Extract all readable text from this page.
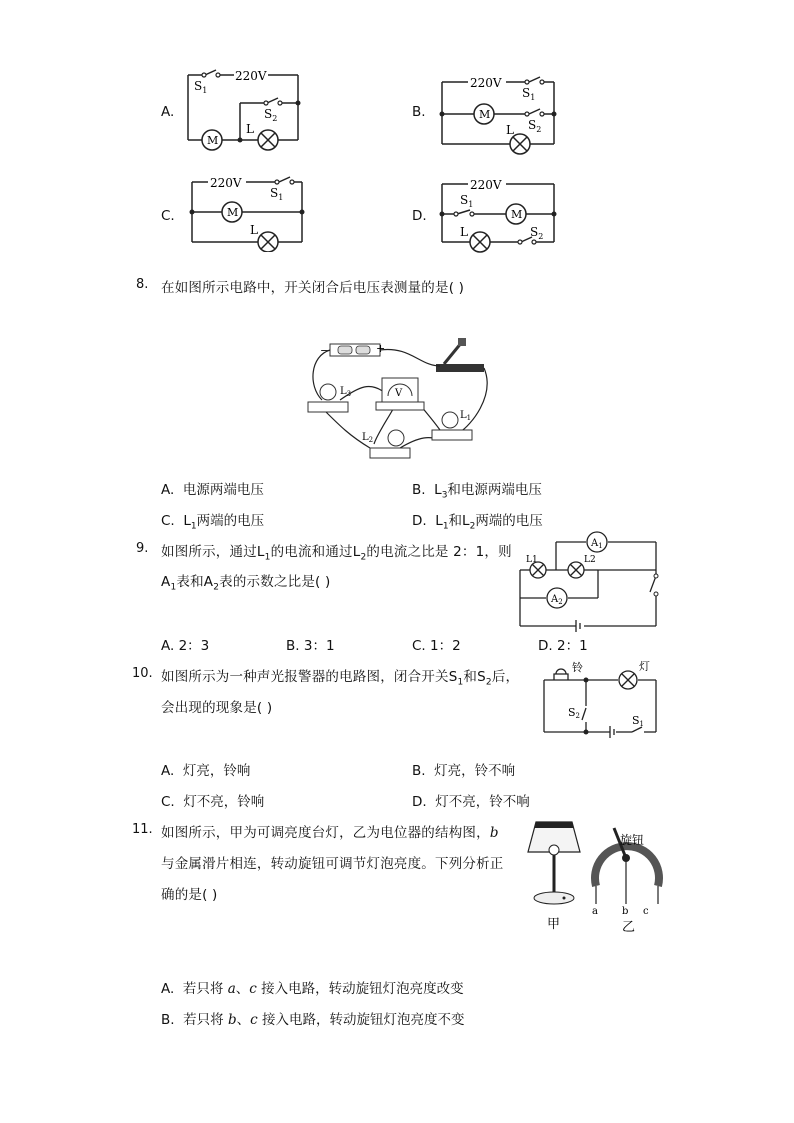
A.
220V
$S_1$
$S_2$
L
M
B.
220V
$S_1$
$S_2$
L
M
C.
220V
$S_1$
L
M	D.
220V
$S_1$
$S_2$
L
M
8. 在如图所示电路中，开关闭合后电压表测量的是( )
−	+
$L_3$	V
$L_1$
$L_2$
A. 电源两端电压	B. $L_3$和电源两端电压
C. $L_1$两端的电压	D. $L_1$和$L_2$两端的电压
9. 如图所示，通过$L_1$的电流和通过$L_2$的电流之比是 2：1，则
$A_1$表和$A_2$表的示数之比是( )
L1	L2
$A_1$
$A_2$
A. 2：3	B. 3：1	C. 1：2	D. 2：1
10. 如图所示为一种声光报警器的电路图，闭合开关$S_1$和$S_2$后，
会出现的现象是( )
铃	灯
S2	S1
A. 灯亮，铃响	B. 灯亮，铃不响
C. 灯不亮，铃响	D. 灯不亮，铃不响
11. 如图所示，甲为可调亮度台灯，乙为电位器的结构图，b
与金属滑片相连，转动旋钮可调节灯泡亮度。下列分析正
确的是( )
甲
旋钮
a b c
乙
A. 若只将 a、c 接入电路，转动旋钮灯泡亮度改变
B. 若只将 b、c 接入电路，转动旋钮灯泡亮度不变
